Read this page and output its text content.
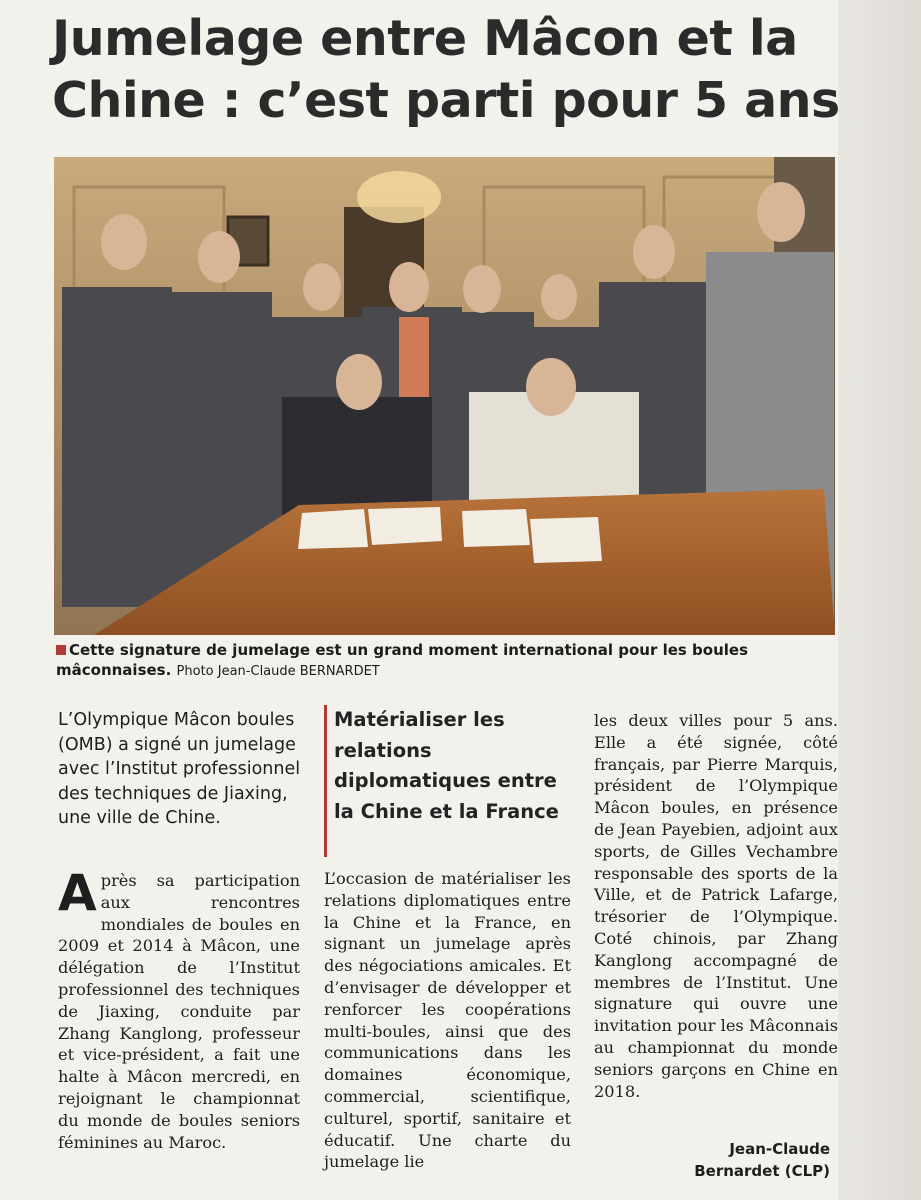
Jumelage entre Mâcon et la Chine : c’est parti pour 5 ans

Cette signature de jumelage est un grand moment international pour les boules mâconnaises. Photo Jean-Claude BERNARDET

L’Olympique Mâcon boules (OMB) a signé un jumelage avec l’Institut professionnel des techniques de Jiaxing, une ville de Chine.

Après sa participation aux rencontres mondiales de boules en 2009 et 2014 à Mâcon, une délégation de l’Institut professionnel des techniques de Jiaxing, conduite par Zhang Kanglong, professeur et vice-président, a fait une halte à Mâcon mercredi, en rejoignant le championnat du monde de boules seniors féminines au Maroc.

Matérialiser les relations diplomatiques entre la Chine et la France

L’occasion de matérialiser les relations diplomatiques entre la Chine et la France, en signant un jumelage après des négociations amicales. Et d’envisager de développer et renforcer les coopérations multi-boules, ainsi que des communications dans les domaines économique, commercial, scientifique, culturel, sportif, sanitaire et éducatif. Une charte du jumelage lie

les deux villes pour 5 ans. Elle a été signée, côté français, par Pierre Marquis, président de l’Olympique Mâcon boules, en présence de Jean Payebien, adjoint aux sports, de Gilles Vechambre responsable des sports de la Ville, et de Patrick Lafarge, trésorier de l’Olympique. Coté chinois, par Zhang Kanglong accompagné de membres de l’Institut. Une signature qui ouvre une invitation pour les Mâconnais au championnat du monde seniors garçons en Chine en 2018.

Jean-Claude Bernardet (CLP)
